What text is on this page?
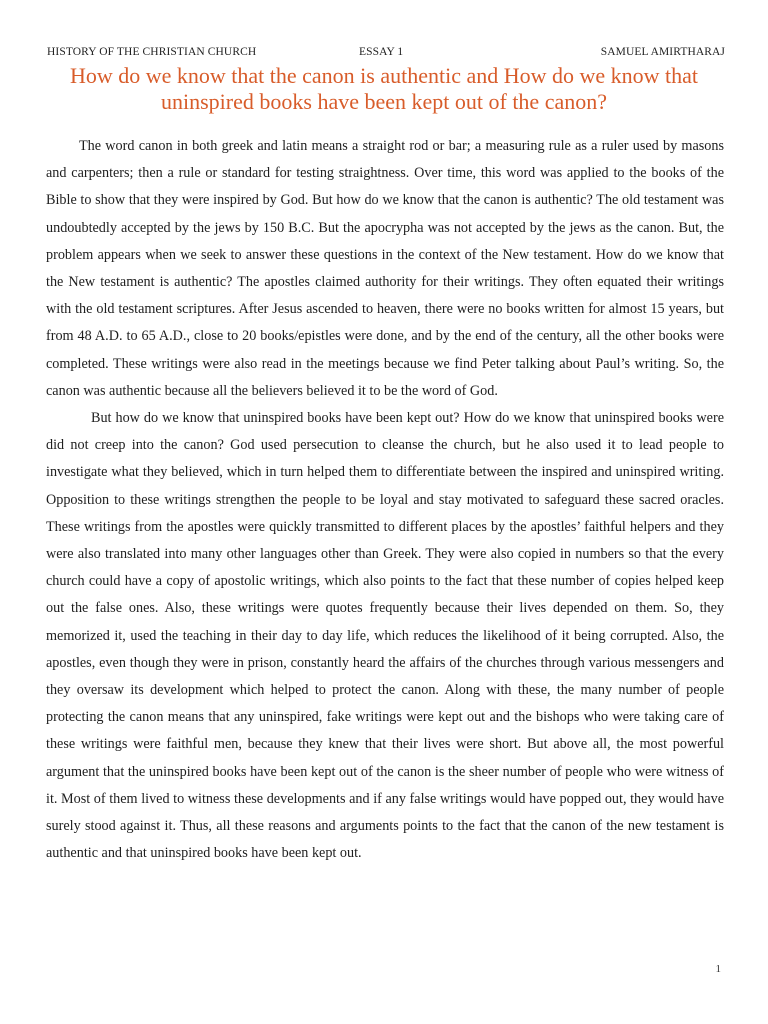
HISTORY OF THE CHRISTIAN CHURCH	ESSAY 1	SAMUEL AMIRTHARAJ
How do we know that the canon is authentic and How do we know that uninspired books have been kept out of the canon?

The word canon in both greek and latin means a straight rod or bar; a measuring rule as a ruler used by masons and carpenters; then a rule or standard for testing straightness. Over time, this word was applied to the books of the Bible to show that they were inspired by God. But how do we know that the canon is authentic? The old testament was undoubtedly accepted by the jews by 150 B.C. But the apocrypha was not accepted by the jews as the canon. But, the problem appears when we seek to answer these questions in the context of the New testament. How do we know that the New testament is authentic? The apostles claimed authority for their writings. They often equated their writings with the old testament scriptures. After Jesus ascended to heaven, there were no books written for almost 15 years, but from 48 A.D. to 65 A.D., close to 20 books/epistles were done, and by the end of the century, all the other books were completed. These writings were also read in the meetings because we find Peter talking about Paul’s writing. So, the canon was authentic because all the believers believed it to be the word of God.

But how do we know that uninspired books have been kept out? How do we know that uninspired books were did not creep into the canon? God used persecution to cleanse the church, but he also used it to lead people to investigate what they believed, which in turn helped them to differentiate between the inspired and uninspired writing. Opposition to these writings strengthen the people to be loyal and stay motivated to safeguard these sacred oracles. These writings from the apostles were quickly transmitted to different places by the apostles’ faithful helpers and they were also translated into many other languages other than Greek. They were also copied in numbers so that the every church could have a copy of apostolic writings, which also points to the fact that these number of copies helped keep out the false ones. Also, these writings were quotes frequently because their lives depended on them. So, they memorized it, used the teaching in their day to day life, which reduces the likelihood of it being corrupted. Also, the apostles, even though they were in prison, constantly heard the affairs of the churches through various messengers and they oversaw its development which helped to protect the canon. Along with these, the many number of people protecting the canon means that any uninspired, fake writings were kept out and the bishops who were taking care of these writings were faithful men, because they knew that their lives were short. But above all, the most powerful argument that the uninspired books have been kept out of the canon is the sheer number of people who were witness of it. Most of them lived to witness these developments and if any false writings would have popped out, they would have surely stood against it. Thus, all these reasons and arguments points to the fact that the canon of the new testament is authentic and that uninspired books have been kept out.

1
